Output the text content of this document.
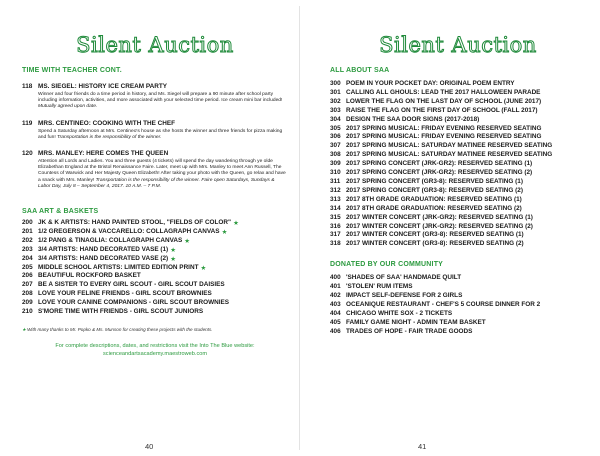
Silent Auction
TIME WITH TEACHER CONT.
118 MS. SIEGEL: HISTORY ICE CREAM PARTY
Winner and four friends do a time period in history, and Ms. Siegel will prepare a 90 minute after school party including information, activities, and more associated with your selected time period. Ice cream mini bar included! Mutually agreed upon date.
119 MRS. CENTINEO: COOKING WITH THE CHEF
Spend a Saturday afternoon at Mrs. Centineo's house as she hosts the winner and three friends for pizza making and fun! Transportation is the responsibility of the winner.
120 MRS. MANLEY: HERE COMES THE QUEEN
Attention all Lords and Ladies. You and three guests (4 tickets) will spend the day wandering through ye olde Elizabethan England at the Bristol Renaissance Faire. Later, meet up with Mrs. Manley to meet Ann Russell, The Countess of Warwick and Her Majesty Queen Elizabeth! After taking your photo with the Queen, go relax and have a snack with Mrs. Manley! Transportation is the responsibility of the winner. Faire open Saturdays, Sundays & Labor Day, July 8 – September 4, 2017. 10 A.M. – 7 P.M.
SAA ART & BASKETS
200 JK & K ARTISTS: HAND PAINTED STOOL, "FIELDS OF COLOR" ★
201 1/2 GREGERSON & VACCARELLO: COLLAGRAPH CANVAS ★
202 1/2 PANG & TINAGLIA: COLLAGRAPH CANVAS ★
203 3/4 ARTISTS: HAND DECORATED VASE (1) ★
204 3/4 ARTISTS: HAND DECORATED VASE (2) ★
205 MIDDLE SCHOOL ARTISTS: LIMITED EDITION PRINT ★
206 BEAUTIFUL ROCKFORD BASKET
207 BE A SISTER TO EVERY GIRL SCOUT - GIRL SCOUT DAISIES
208 LOVE YOUR FELINE FRIENDS - GIRL SCOUT BROWNIES
209 LOVE YOUR CANINE COMPANIONS - GIRL SCOUT BROWNIES
210 S'MORE TIME WITH FRIENDS - GIRL SCOUT JUNIORS
★With many thanks to Mr. Popko & Ms. Munson for creating these projects with the students.
For complete descriptions, dates, and restrictions visit the Into The Blue website:
scienceandartsacademy.maestroweb.com
40
Silent Auction
ALL ABOUT SAA
300 POEM IN YOUR POCKET DAY: ORIGINAL POEM ENTRY
301 CALLING ALL GHOULS: LEAD THE 2017 HALLOWEEN PARADE
302 LOWER THE FLAG ON THE LAST DAY OF SCHOOL (JUNE 2017)
303 RAISE THE FLAG ON THE FIRST DAY OF SCHOOL (FALL 2017)
304 DESIGN THE SAA DOOR SIGNS (2017-2018)
305 2017 SPRING MUSICAL: FRIDAY EVENING RESERVED SEATING
306 2017 SPRING MUSICAL: FRIDAY EVENING RESERVED SEATING
307 2017 SPRING MUSICAL: SATURDAY MATINEE RESERVED SEATING
308 2017 SPRING MUSICAL: SATURDAY MATINEE RESERVED SEATING
309 2017 SPRING CONCERT (JRK-GR2): RESERVED SEATING (1)
310 2017 SPRING CONCERT (JRK-GR2): RESERVED SEATING (2)
311 2017 SPRING CONCERT (GR3-8): RESERVED SEATING (1)
312 2017 SPRING CONCERT (GR3-8): RESERVED SEATING (2)
313 2017 8TH GRADE GRADUATION: RESERVED SEATING (1)
314 2017 8TH GRADE GRADUATION: RESERVED SEATING (2)
315 2017 WINTER CONCERT (JRK-GR2): RESERVED SEATING (1)
316 2017 WINTER CONCERT (JRK-GR2): RESERVED SEATING (2)
317 2017 WINTER CONCERT (GR3-8): RESERVED SEATING (1)
318 2017 WINTER CONCERT (GR3-8): RESERVED SEATING (2)
DONATED BY OUR COMMUNITY
400 'SHADES OF SAA' HANDMADE QUILT
401 'STOLEN' RUM ITEMS
402 IMPACT SELF-DEFENSE FOR 2 GIRLS
403 OCEANIQUE RESTAURANT - CHEF'S 5 COURSE DINNER FOR 2
404 CHICAGO WHITE SOX - 2 TICKETS
405 FAMILY GAME NIGHT - ADMIN TEAM BASKET
406 TRADES OF HOPE - FAIR TRADE GOODS
41
